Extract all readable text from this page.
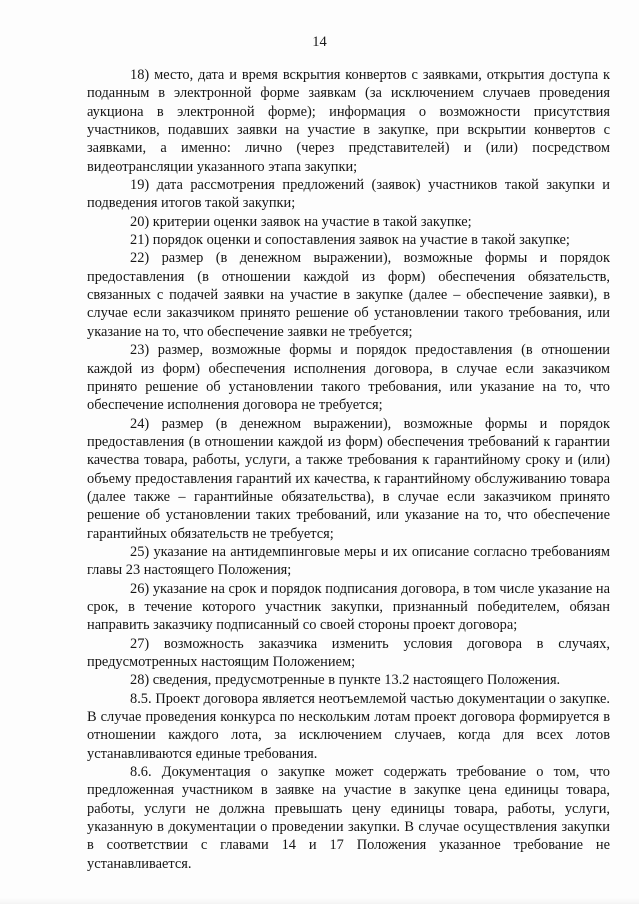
14

18) место, дата и время вскрытия конвертов с заявками, открытия доступа к поданным в электронной форме заявкам (за исключением случаев проведения аукциона в электронной форме); информация о возможности присутствия участников, подавших заявки на участие в закупке, при вскрытии конвертов с заявками, а именно: лично (через представителей) и (или) посредством видеотрансляции указанного этапа закупки;

19) дата рассмотрения предложений (заявок) участников такой закупки и подведения итогов такой закупки;

20) критерии оценки заявок на участие в такой закупке;

21) порядок оценки и сопоставления заявок на участие в такой закупке;

22) размер (в денежном выражении), возможные формы и порядок предоставления (в отношении каждой из форм) обеспечения обязательств, связанных с подачей заявки на участие в закупке (далее – обеспечение заявки), в случае если заказчиком принято решение об установлении такого требования, или указание на то, что обеспечение заявки не требуется;

23) размер, возможные формы и порядок предоставления (в отношении каждой из форм) обеспечения исполнения договора, в случае если заказчиком принято решение об установлении такого требования, или указание на то, что обеспечение исполнения договора не требуется;

24) размер (в денежном выражении), возможные формы и порядок предоставления (в отношении каждой из форм) обеспечения требований к гарантии качества товара, работы, услуги, а также требования к гарантийному сроку и (или) объему предоставления гарантий их качества, к гарантийному обслуживанию товара (далее также – гарантийные обязательства), в случае если заказчиком принято решение об установлении таких требований, или указание на то, что обеспечение гарантийных обязательств не требуется;

25) указание на антидемпинговые меры и их описание согласно требованиям главы 23 настоящего Положения;

26) указание на срок и порядок подписания договора, в том числе указание на срок, в течение которого участник закупки, признанный победителем, обязан направить заказчику подписанный со своей стороны проект договора;

27) возможность заказчика изменить условия договора в случаях, предусмотренных настоящим Положением;

28) сведения, предусмотренные в пункте 13.2 настоящего Положения.

8.5. Проект договора является неотъемлемой частью документации о закупке. В случае проведения конкурса по нескольким лотам проект договора формируется в отношении каждого лота, за исключением случаев, когда для всех лотов устанавливаются единые требования.

8.6. Документация о закупке может содержать требование о том, что предложенная участником в заявке на участие в закупке цена единицы товара, работы, услуги не должна превышать цену единицы товара, работы, услуги, указанную в документации о проведении закупки. В случае осуществления закупки в соответствии с главами 14 и 17 Положения указанное требование не устанавливается.
